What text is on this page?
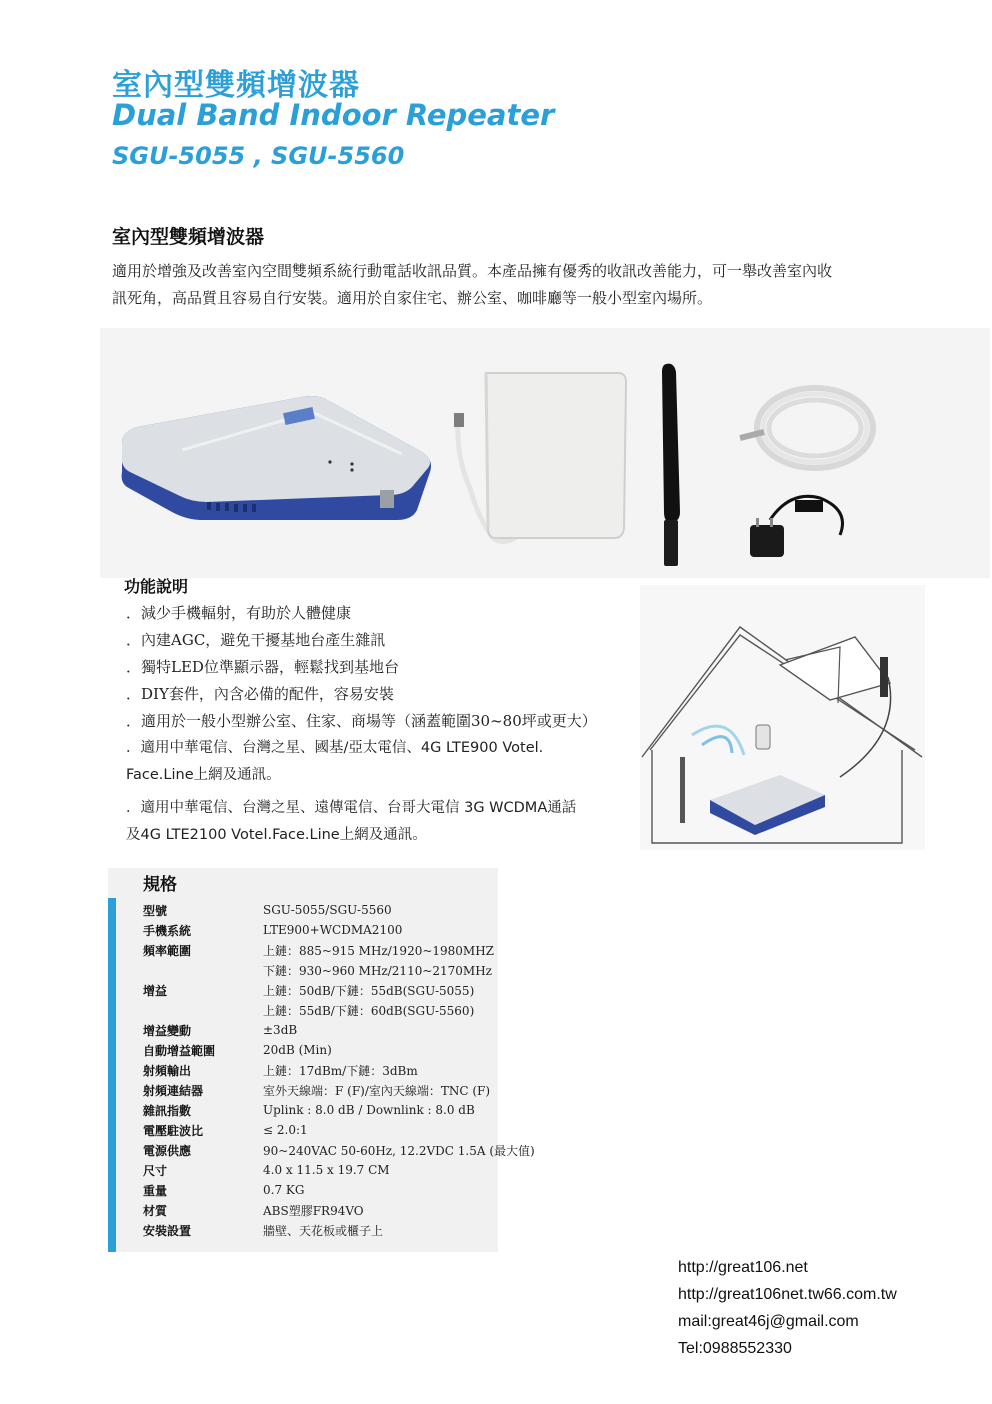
室內型雙頻增波器
Dual Band Indoor Repeater
SGU-5055 , SGU-5560
室內型雙頻增波器
適用於增強及改善室內空間雙頻系統行動電話收訊品質。本產品擁有優秀的收訊改善能力，可一舉改善室內收
訊死角，高品質且容易自行安裝。適用於自家住宅、辦公室、咖啡廳等一般小型室內場所。
功能說明
．減少手機輻射，有助於人體健康
．內建AGC，避免干擾基地台產生雜訊
．獨特LED位準顯示器，輕鬆找到基地台
．DIY套件，內含必備的配件，容易安裝
．適用於一般小型辦公室、住家、商場等（涵蓋範圍30~80坪或更大）
．適用中華電信、台灣之星、國基/亞太電信、4G LTE900 Votel.
Face.Line上網及通訊。
．適用中華電信、台灣之星、遠傳電信、台哥大電信 3G WCDMA通話
及4G LTE2100 Votel.Face.Line上網及通訊。
規格
型號	SGU-5055/SGU-5560
手機系統	LTE900+WCDMA2100
頻率範圍	上鏈：885~915 MHz/1920~1980MHZ
	下鏈：930~960 MHz/2110~2170MHz
增益	上鏈：50dB/下鏈：55dB(SGU-5055)
	上鏈：55dB/下鏈：60dB(SGU-5560)
增益變動	±3dB
自動增益範圍	20dB (Min)
射頻輸出	上鏈：17dBm/下鏈：3dBm
射頻連結器	室外天線端：F (F)/室內天線端：TNC (F)
雜訊指數	Uplink : 8.0 dB / Downlink : 8.0 dB
電壓駐波比	≤ 2.0:1
電源供應	90~240VAC 50-60Hz, 12.2VDC 1.5A (最大值)
尺寸	4.0 x 11.5 x 19.7 CM
重量	0.7 KG
材質	ABS塑膠FR94VO
安裝設置	牆壁、天花板或櫃子上
http://great106.net
http://great106net.tw66.com.tw
mail:great46j@gmail.com
Tel:0988552330
